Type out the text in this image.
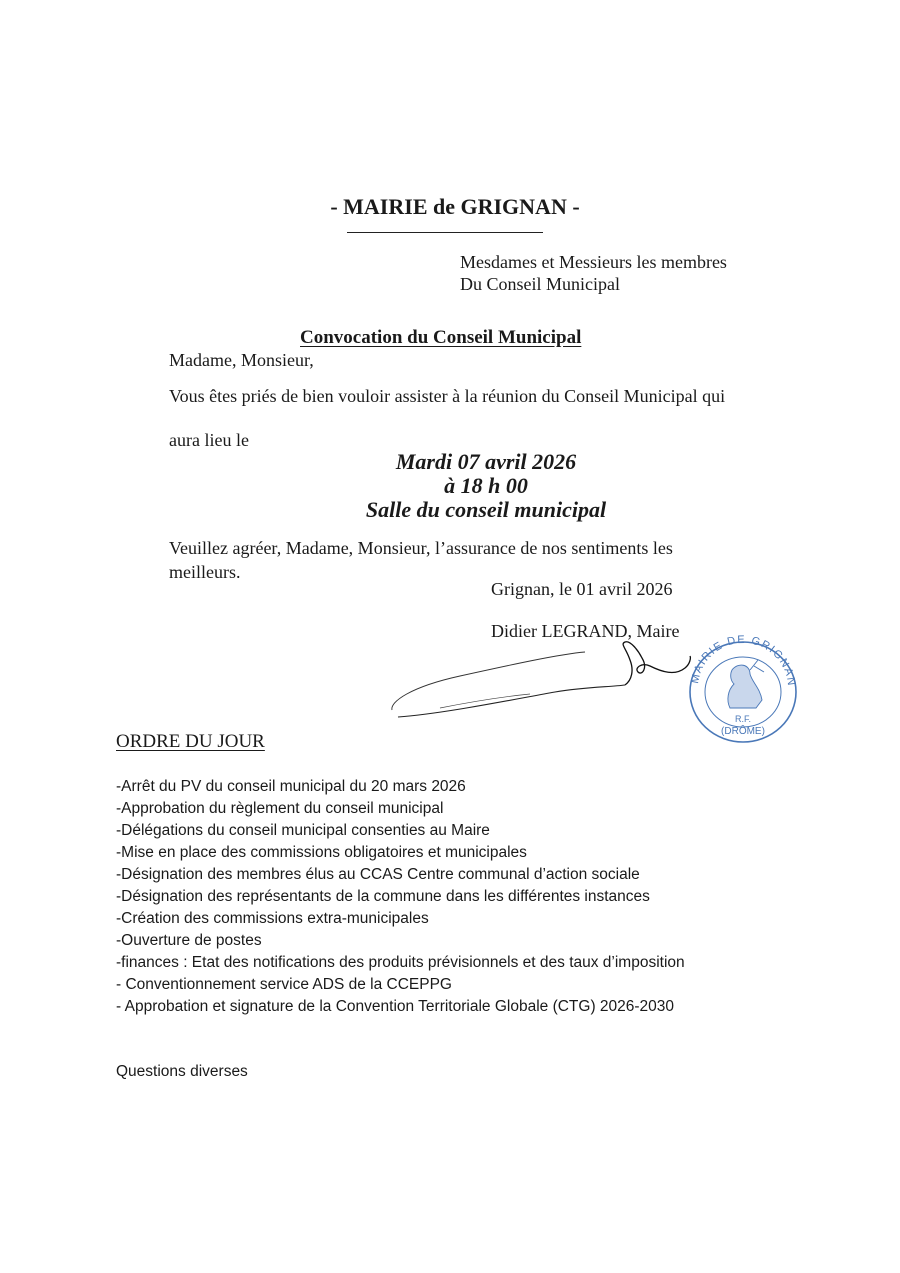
- MAIRIE de GRIGNAN -
Mesdames et Messieurs les membres
Du Conseil Municipal
Convocation du Conseil Municipal
Madame, Monsieur,
Vous êtes priés de bien vouloir assister à la réunion du Conseil Municipal qui
aura lieu le
Mardi 07 avril 2026
à 18 h 00
Salle du conseil municipal
Veuillez agréer, Madame, Monsieur, l’assurance de nos sentiments les
meilleurs.
Grignan, le 01 avril 2026
Didier LEGRAND, Maire
MAIRIE DE GRIGNAN
R.F.
(DRÔME)
ORDRE DU JOUR
-Arrêt du PV du conseil municipal du 20 mars 2026
-Approbation du règlement du conseil municipal
-Délégations du conseil municipal consenties au Maire
-Mise en place des commissions obligatoires et municipales
-Désignation des membres élus au CCAS Centre communal d’action sociale
-Désignation des représentants de la commune dans les différentes instances
-Création des commissions extra-municipales
-Ouverture de postes
-finances : Etat des notifications des produits prévisionnels et des taux d’imposition
- Conventionnement service ADS de la CCEPPG
- Approbation et signature de la Convention Territoriale Globale (CTG) 2026-2030
Questions diverses
